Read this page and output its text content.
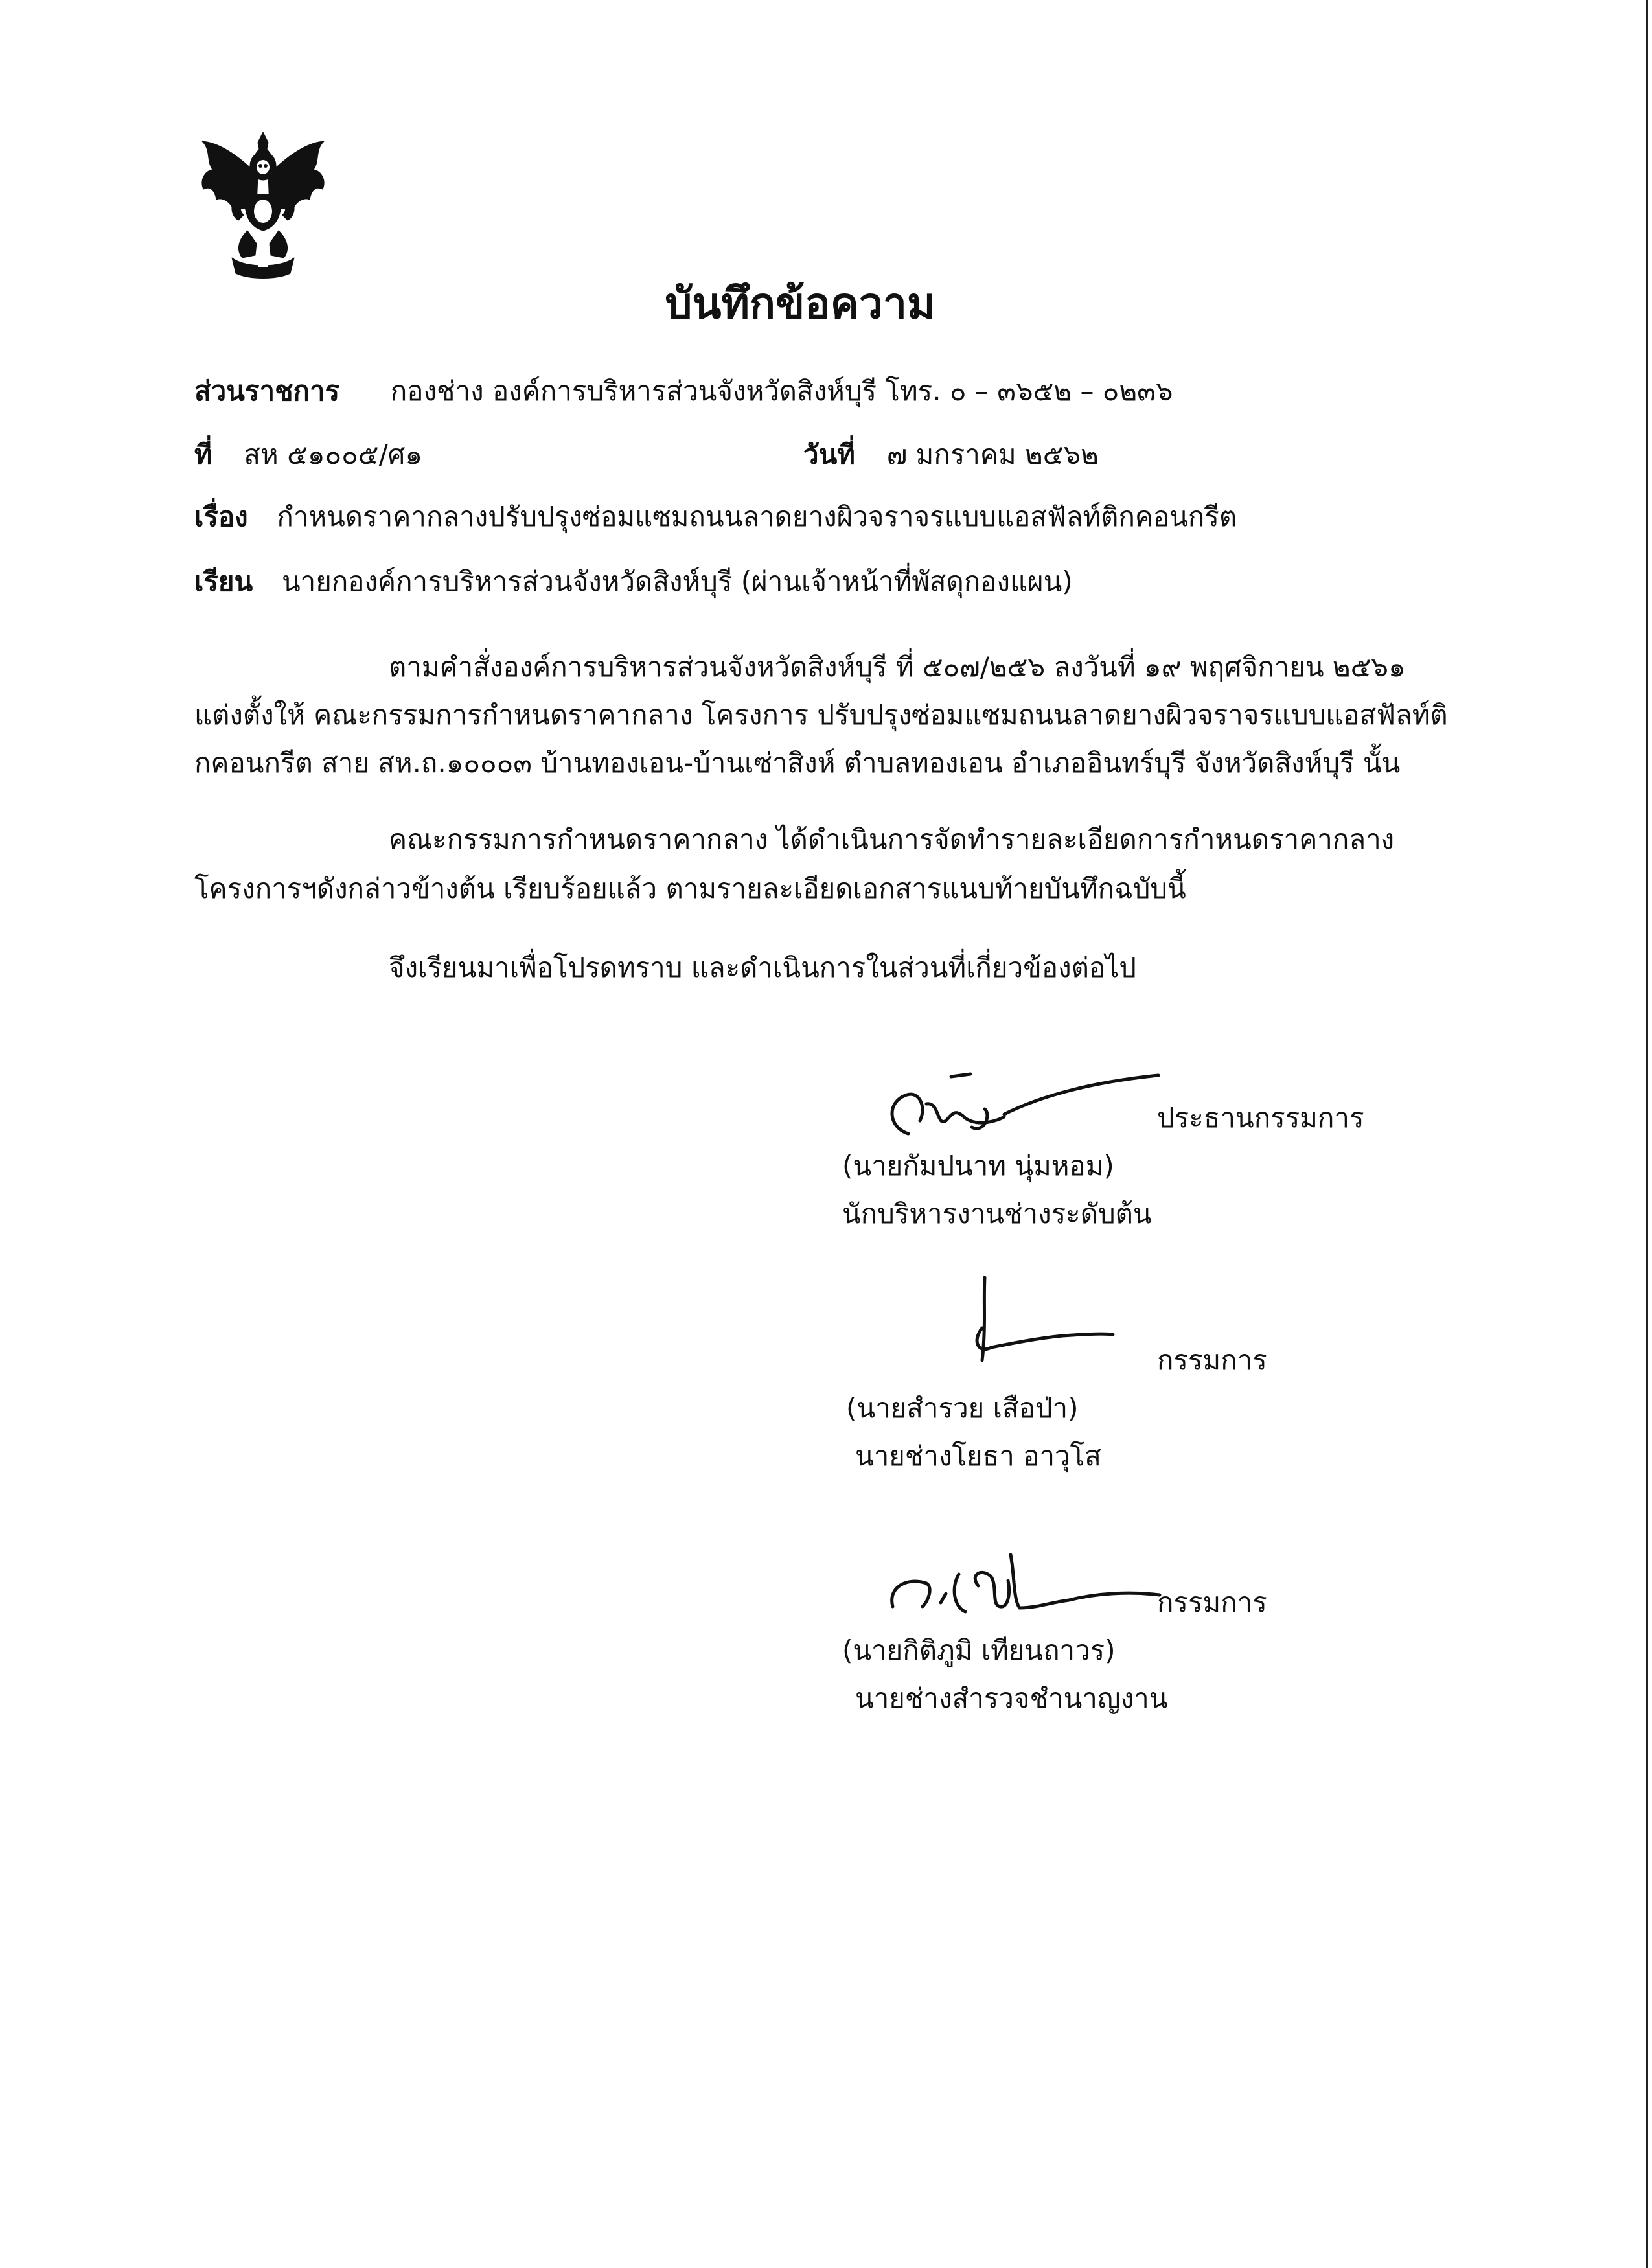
บันทึกข้อความ
ส่วนราชการ กองช่าง องค์การบริหารส่วนจังหวัดสิงห์บุรี โทร. ๐ – ๓๖๕๒ – ๐๒๓๖
ที่ สห ๕๑๐๐๕/ศ๑	วันที่ ๗ มกราคม ๒๕๖๒
เรื่อง กำหนดราคากลางปรับปรุงซ่อมแซมถนนลาดยางผิวจราจรแบบแอสฟัลท์ติกคอนกรีต
เรียน นายกองค์การบริหารส่วนจังหวัดสิงห์บุรี (ผ่านเจ้าหน้าที่พัสดุกองแผน)
ตามคำสั่งองค์การบริหารส่วนจังหวัดสิงห์บุรี ที่ ๕๐๗/๒๕๖ ลงวันที่ ๑๙ พฤศจิกายน ๒๕๖๑
แต่งตั้งให้ คณะกรรมการกำหนดราคากลาง โครงการ ปรับปรุงซ่อมแซมถนนลาดยางผิวจราจรแบบแอสฟัลท์ติ
กคอนกรีต สาย สห.ถ.๑๐๐๐๓ บ้านทองเอน-บ้านเซ่าสิงห์ ตำบลทองเอน อำเภออินทร์บุรี จังหวัดสิงห์บุรี นั้น
คณะกรรมการกำหนดราคากลาง ได้ดำเนินการจัดทำรายละเอียดการกำหนดราคากลาง
โครงการฯดังกล่าวข้างต้น เรียบร้อยแล้ว ตามรายละเอียดเอกสารแนบท้ายบันทึกฉบับนี้
จึงเรียนมาเพื่อโปรดทราบ และดำเนินการในส่วนที่เกี่ยวข้องต่อไป
ประธานกรรมการ
(นายกัมปนาท นุ่มหอม)
นักบริหารงานช่างระดับต้น
กรรมการ
(นายสำรวย เสือป่า)
นายช่างโยธา อาวุโส
กรรมการ
(นายกิติภูมิ เทียนถาวร)
นายช่างสำรวจชำนาญงาน
